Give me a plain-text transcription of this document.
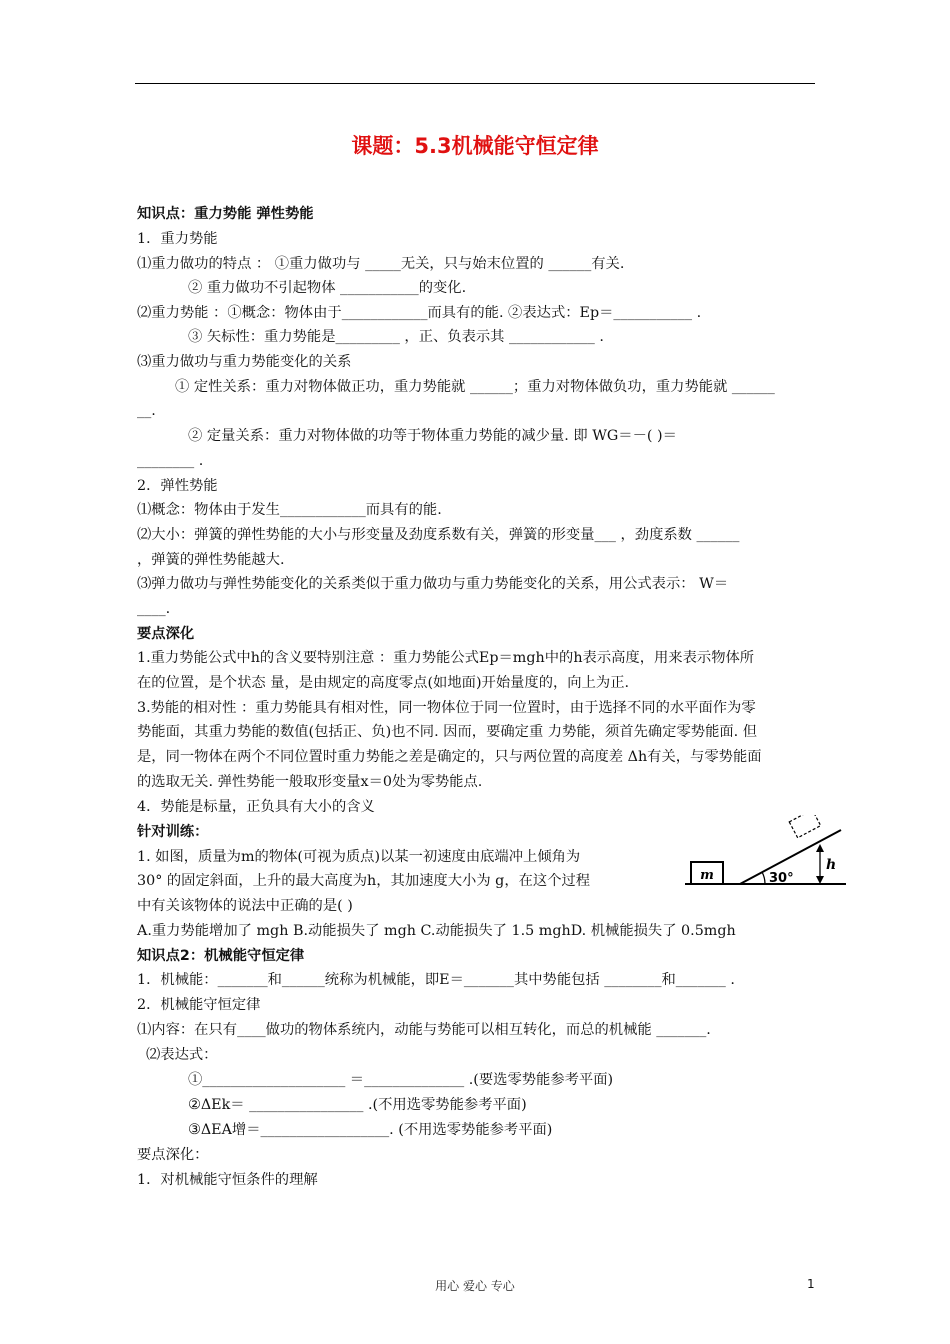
课题：5.3机械能守恒定律
知识点：重力势能 弹性势能
1．重力势能
⑴重力做功的特点 ： ①重力做功与 _____无关，只与始末位置的 ______有关.
② 重力做功不引起物体 ___________的变化.
⑵重力势能 ：①概念：物体由于____________而具有的能. ②表达式：Ep＝___________ .
③ 矢标性：重力势能是_________ ，正、负表示其 ____________ .
⑶重力做功与重力势能变化的关系
① 定性关系：重力对物体做正功，重力势能就 ______；重力对物体做负功，重力势能就 ______
__.
② 定量关系：重力对物体做的功等于物体重力势能的减少量. 即 WG＝－( )＝
________ .
2．弹性势能
⑴概念：物体由于发生____________而具有的能.
⑵大小：弹簧的弹性势能的大小与形变量及劲度系数有关，弹簧的形变量___ ，劲度系数 ______
，弹簧的弹性势能越大.
⑶弹力做功与弹性势能变化的关系类似于重力做功与重力势能变化的关系，用公式表示： W＝
____.
要点深化
1.重力势能公式中h的含义要特别注意 ：重力势能公式Ep＝mgh中的h表示高度，用来表示物体所
在的位置，是个状态 量，是由规定的高度零点(如地面)开始量度的，向上为正.
3.势能的相对性 ：重力势能具有相对性，同一物体位于同一位置时，由于选择不同的水平面作为零
势能面，其重力势能的数值(包括正、负)也不同. 因而，要确定重 力势能，须首先确定零势能面. 但
是，同一物体在两个不同位置时重力势能之差是确定的，只与两位置的高度差 Δh有关，与零势能面
的选取无关. 弹性势能一般取形变量x＝0处为零势能点.
4．势能是标量，正负具有大小的含义
针对训练：
1. 如图，质量为m的物体(可视为质点)以某一初速度由底端冲上倾角为
30° 的固定斜面，上升的最大高度为h，其加速度大小为 g，在这个过程
中有关该物体的说法中正确的是( )
A.重力势能增加了 mgh B.动能损失了 mgh C.动能损失了 1.5 mghD. 机械能损失了 0.5mgh
知识点2：机械能守恒定律
1．机械能：_______和______统称为机械能，即E＝_______其中势能包括 ________和_______ .
2．机械能守恒定律
⑴内容：在只有____做功的物体系统内，动能与势能可以相互转化，而总的机械能 _______.
⑵表达式：
①____________________ ＝______________ .(要选零势能参考平面)
②ΔEk＝ ________________ .(不用选零势能参考平面)
③ΔEA增＝__________________. (不用选零势能参考平面)
要点深化：
1．对机械能守恒条件的理解
m	30°
h
用心 爱心 专心	1
